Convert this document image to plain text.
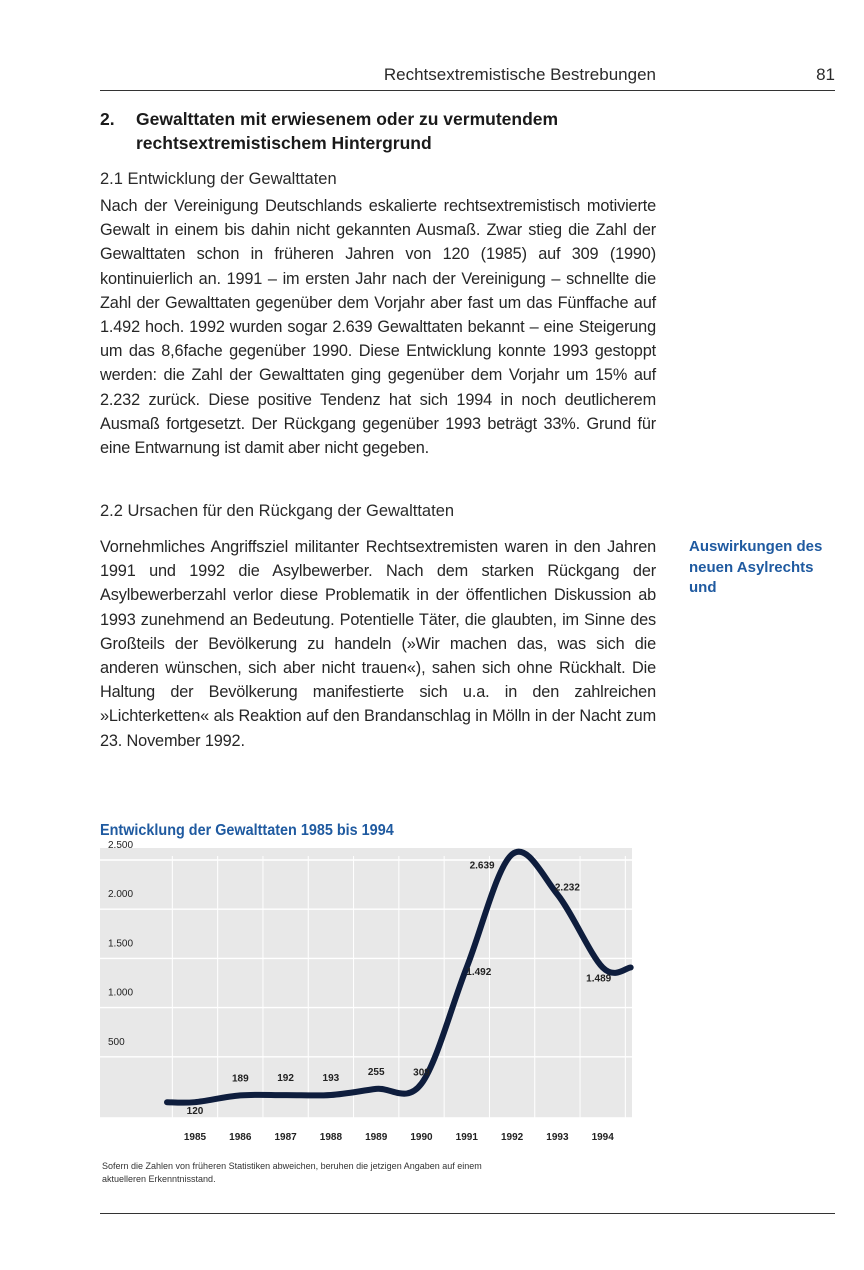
Rechtsextremistische Bestrebungen	81
2. Gewalttaten mit erwiesenem oder zu vermutendem rechtsextremistischem Hintergrund
2.1 Entwicklung der Gewalttaten

Nach der Vereinigung Deutschlands eskalierte rechtsextremistisch motivierte Gewalt in einem bis dahin nicht gekannten Ausmaß. Zwar stieg die Zahl der Gewalttaten schon in früheren Jahren von 120 (1985) auf 309 (1990) kontinuierlich an. 1991 – im ersten Jahr nach der Vereinigung – schnellte die Zahl der Gewalttaten gegenüber dem Vorjahr aber fast um das Fünffache auf 1.492 hoch. 1992 wurden sogar 2.639 Gewalttaten bekannt – eine Steigerung um das 8,6fache gegenüber 1990. Diese Entwicklung konnte 1993 gestoppt werden: die Zahl der Gewalttaten ging gegenüber dem Vorjahr um 15% auf 2.232 zurück. Diese positive Tendenz hat sich 1994 in noch deutlicherem Ausmaß fortgesetzt. Der Rückgang gegenüber 1993 beträgt 33%. Grund für eine Entwarnung ist damit aber nicht gegeben.

2.2 Ursachen für den Rückgang der Gewalttaten

Vornehmliches Angriffsziel militanter Rechtsextremisten waren in den Jahren 1991 und 1992 die Asylbewerber. Nach dem starken Rückgang der Asylbewerberzahl verlor diese Problematik in der öffentlichen Diskussion ab 1993 zunehmend an Bedeutung. Potentielle Täter, die glaubten, im Sinne des Großteils der Bevölkerung zu handeln (»Wir machen das, was sich die anderen wünschen, sich aber nicht trauen«), sahen sich ohne Rückhalt. Die Haltung der Bevölkerung manifestierte sich u.a. in den zahlreichen »Lichterketten« als Reaktion auf den Brandanschlag in Mölln in der Nacht zum 23. November 1992.

Auswirkungen des neuen Asylrechts und
Entwicklung der Gewalttaten 1985 bis 1994
500
1.000
1.500
2.000
2.500
120
189	192	193
255	309
1.492
2.639
2.232
1.489
1985 1986 1987 1988 1989 1990 1991 1992 1993 1994
Sofern die Zahlen von früheren Statistiken abweichen, beruhen die jetzigen Angaben auf einem aktuelleren Erkenntnisstand.
